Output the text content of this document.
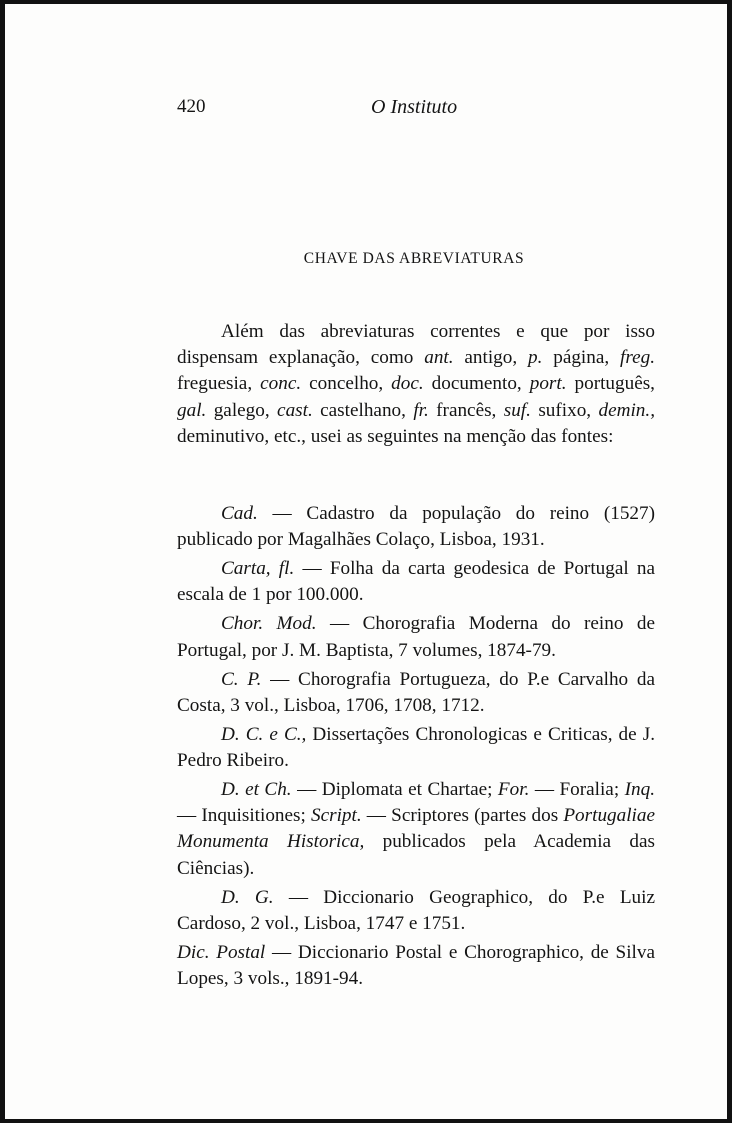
420	O Instituto
CHAVE DAS ABREVIATURAS

Além das abreviaturas correntes e que por isso dispensam explanação, como ant. antigo, p. página, freg. freguesia, conc. concelho, doc. documento, port. português, gal. galego, cast. castelhano, fr. francês, suf. sufixo, demin., deminutivo, etc., usei as seguintes na menção das fontes:

Cad. — Cadastro da população do reino (1527) publicado por Magalhães Colaço, Lisboa, 1931.

Carta, fl. — Folha da carta geodesica de Portugal na escala de 1 por 100.000.

Chor. Mod. — Chorografia Moderna do reino de Portugal, por J. M. Baptista, 7 volumes, 1874-79.

C. P. — Chorografia Portugueza, do P.e Carvalho da Costa, 3 vol., Lisboa, 1706, 1708, 1712.

D. C. e C., Dissertações Chronologicas e Criticas, de J. Pedro Ribeiro.

D. et Ch. — Diplomata et Chartae; For. — Foralia; Inq. — Inquisitiones; Script. — Scriptores (partes dos Portugaliae Monumenta Historica, publicados pela Academia das Ciências).

D. G. — Diccionario Geographico, do P.e Luiz Cardoso, 2 vol., Lisboa, 1747 e 1751.

Dic. Postal — Diccionario Postal e Chorographico, de Silva Lopes, 3 vols., 1891-94.
